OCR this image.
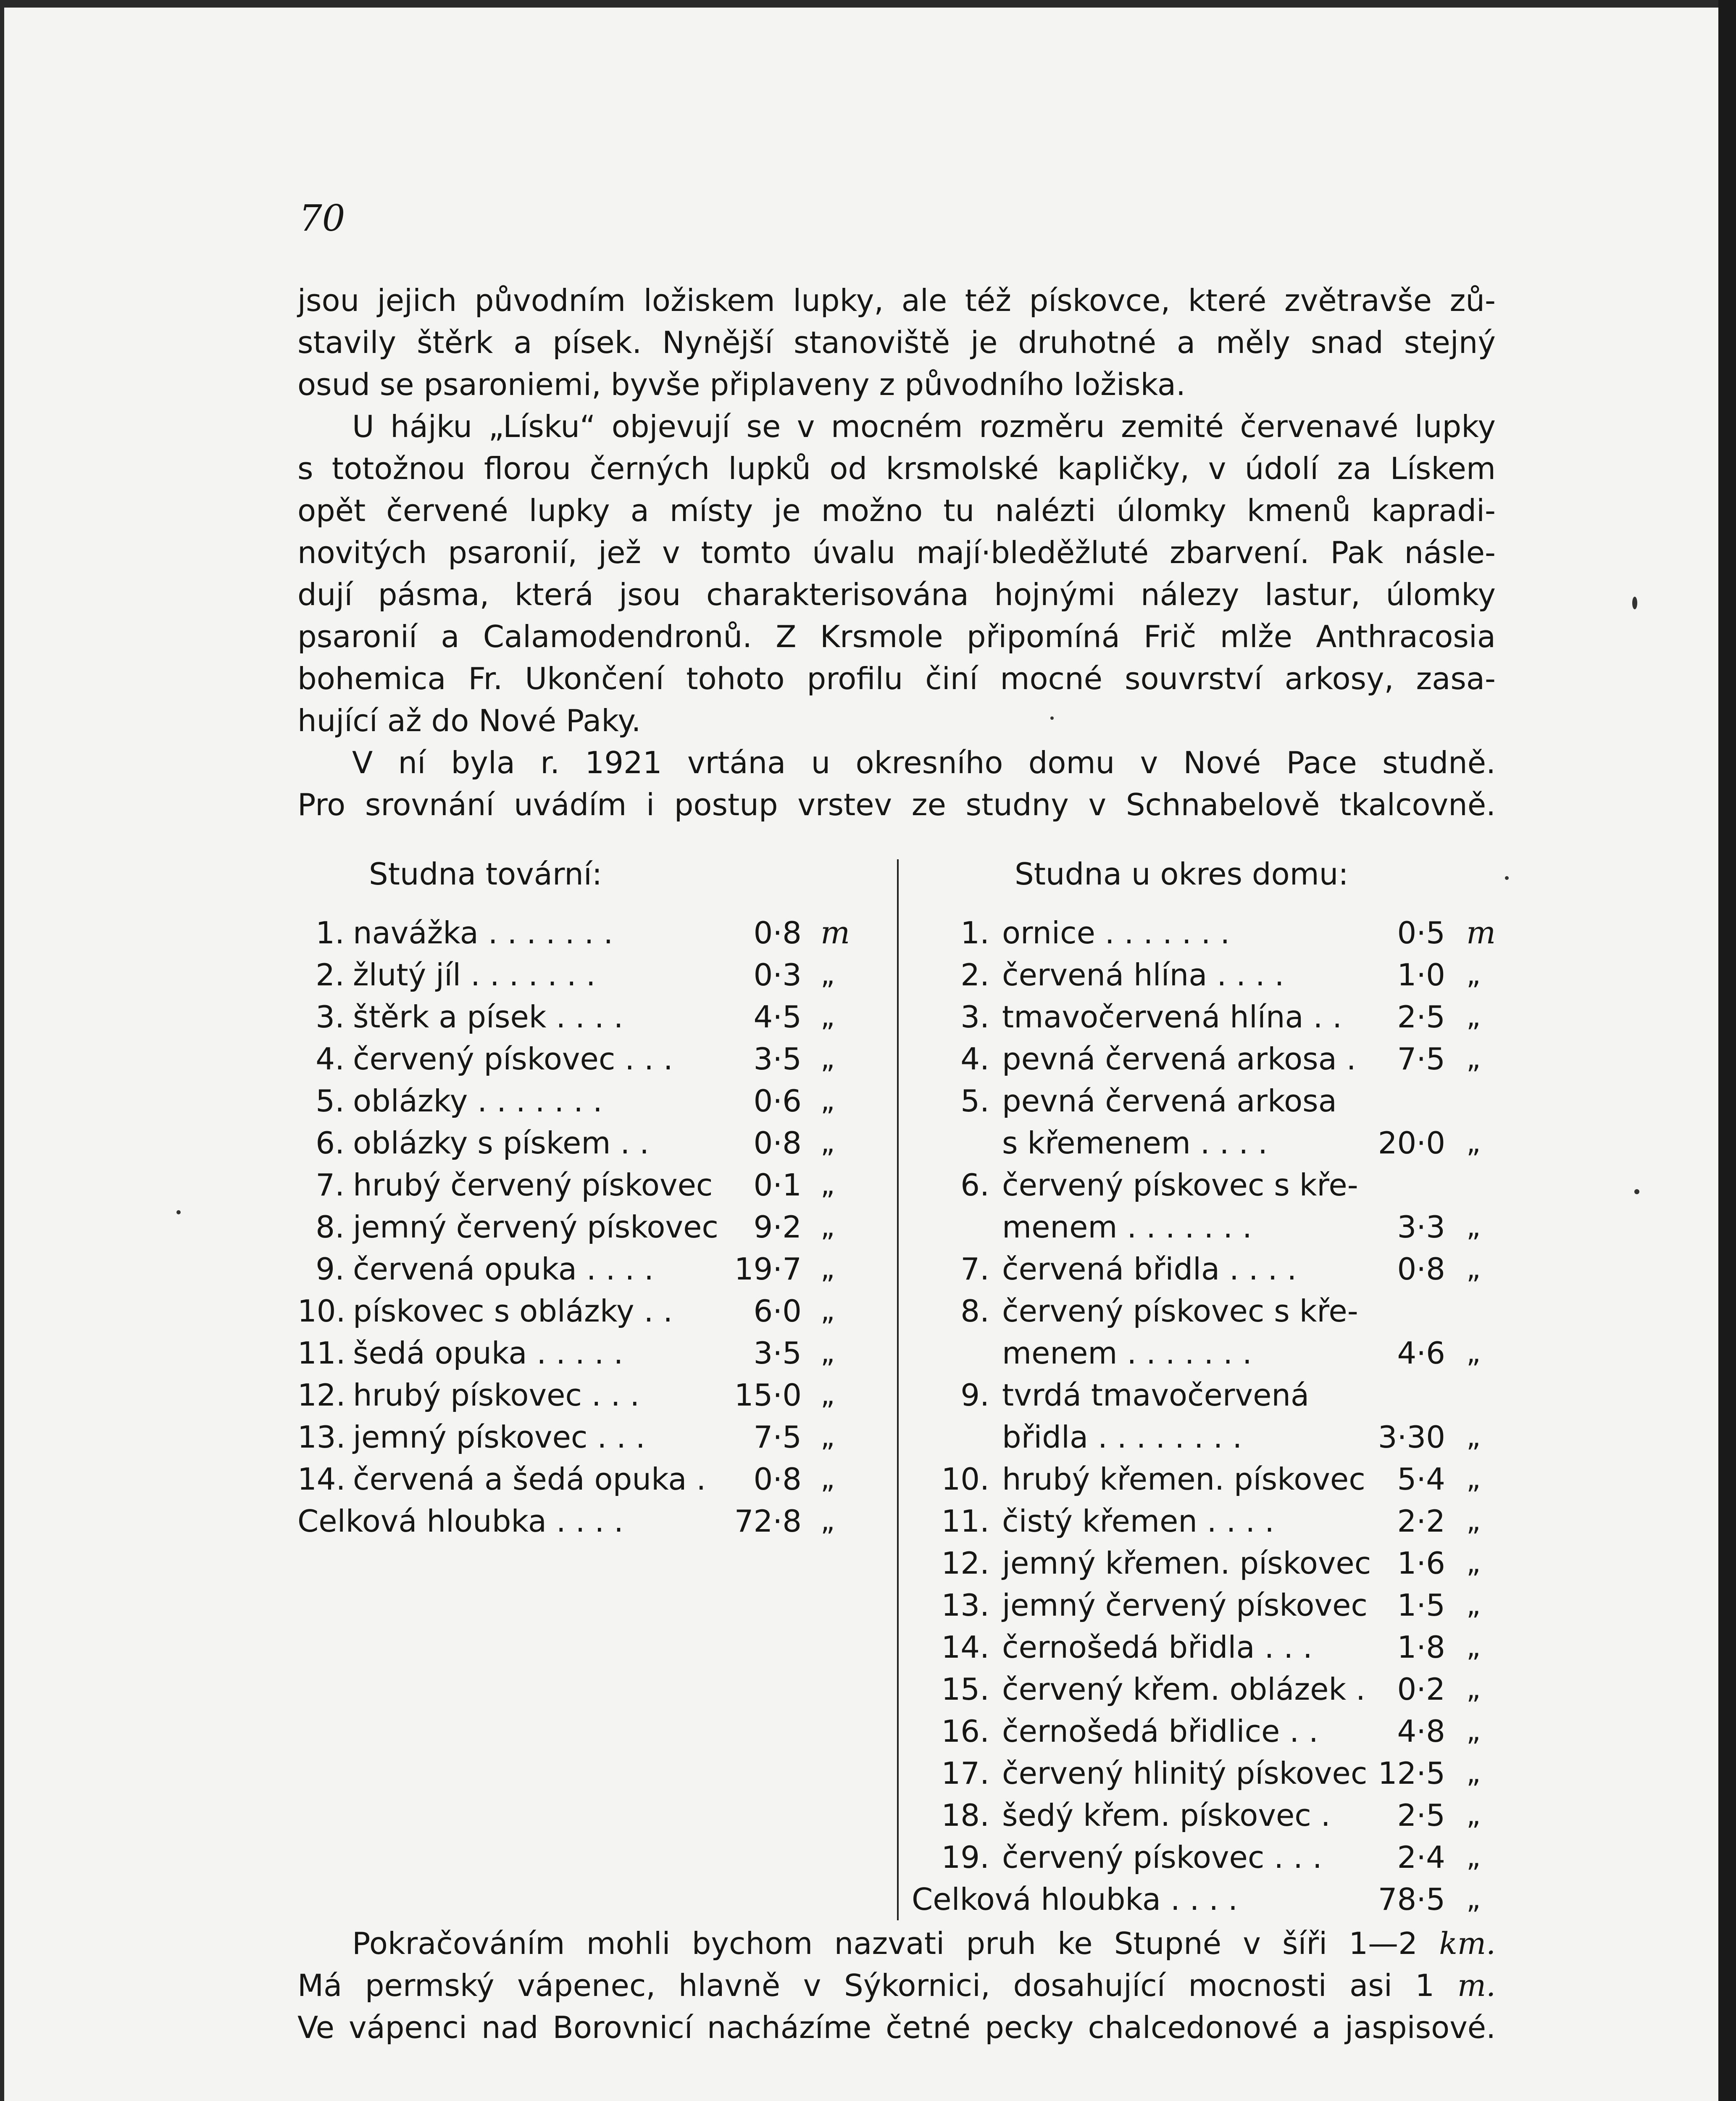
70

jsou jejich původním ložiskem lupky, ale též pískovce, které zvětravše zů-
stavily štěrk a písek. Nynější stanoviště je druhotné a měly snad stejný
osud se psaroniemi, byvše připlaveny z původního ložiska.

U hájku „Lísku“ objevují se v mocném rozměru zemité červenavé lupky
s totožnou florou černých lupků od krsmolské kapličky, v údolí za Lískem
opět červené lupky a místy je možno tu nalézti úlomky kmenů kapradi-
novitých psaronií, jež v tomto úvalu mají·bleděžluté zbarvení. Pak násle-
dují pásma, která jsou charakterisována hojnými nálezy lastur, úlomky
psaronií a Calamodendronů. Z Krsmole připomíná Frič mlže Anthracosia
bohemica Fr. Ukončení tohoto profilu činí mocné souvrství arkosy, zasa-
hující až do Nové Paky.

V ní byla r. 1921 vrtána u okresního domu v Nové Pace studně.
Pro srovnání uvádím i postup vrstev ze studny v Schnabelově tkalcovně.

Studna tovární:	Studna u okres domu:
1. navážka . . . . . . .	0·8 m
2. žlutý jíl . . . . . . .	0·3 „
3. štěrk a písek . . . .	4·5 „
4. červený pískovec . . .	3·5 „
5. oblázky . . . . . . .	0·6 „
6. oblázky s pískem . .	0·8 „
7. hrubý červený pískovec 0·1 „
8. jemný červený pískovec 9·2 „
9. červená opuka . . . .	19·7 „
10. pískovec s oblázky . .	6·0 „
11. šedá opuka . . . . .	3·5 „
12. hrubý pískovec . . .	15·0 „
13. jemný pískovec . . .	7·5 „
14. červená a šedá opuka . 0·8 „
Celková hloubka . . . .	72·8 „
1. ornice . . . . . . .	0·5 m
2. červená hlína . . . .	1·0 „
3. tmavočervená hlína . . 2·5 „
4. pevná červená arkosa . 7·5 „
5. pevná červená arkosa
s křemenem . . . .	20·0 „
6. červený pískovec s kře-
menem . . . . . . .	3·3 „
7. červená břidla . . . .	0·8 „
8. červený pískovec s kře-
menem . . . . . . .	4·6 „
9. tvrdá tmavočervená
břidla . . . . . . . .	3·30 „
10. hrubý křemen. pískovec 5·4 „
11. čistý křemen . . . .	2·2 „
12. jemný křemen. pískovec 1·6 „
13. jemný červený pískovec 1·5 „
14. černošedá břidla . . .	1·8 „
15. červený křem. oblázek . 0·2 „
16. černošedá břidlice . .	4·8 „
17. červený hlinitý pískovec 12·5 „
18. šedý křem. pískovec . 2·5 „
19. červený pískovec . . . 2·4 „
Celková hloubka . . . .	78·5 „

Pokračováním mohli bychom nazvati pruh ke Stupné v šíři 1—2 km.
Má permský vápenec, hlavně v Sýkornici, dosahující mocnosti asi 1 m.
Ve vápenci nad Borovnicí nacházíme četné pecky chalcedonové a jaspisové.
